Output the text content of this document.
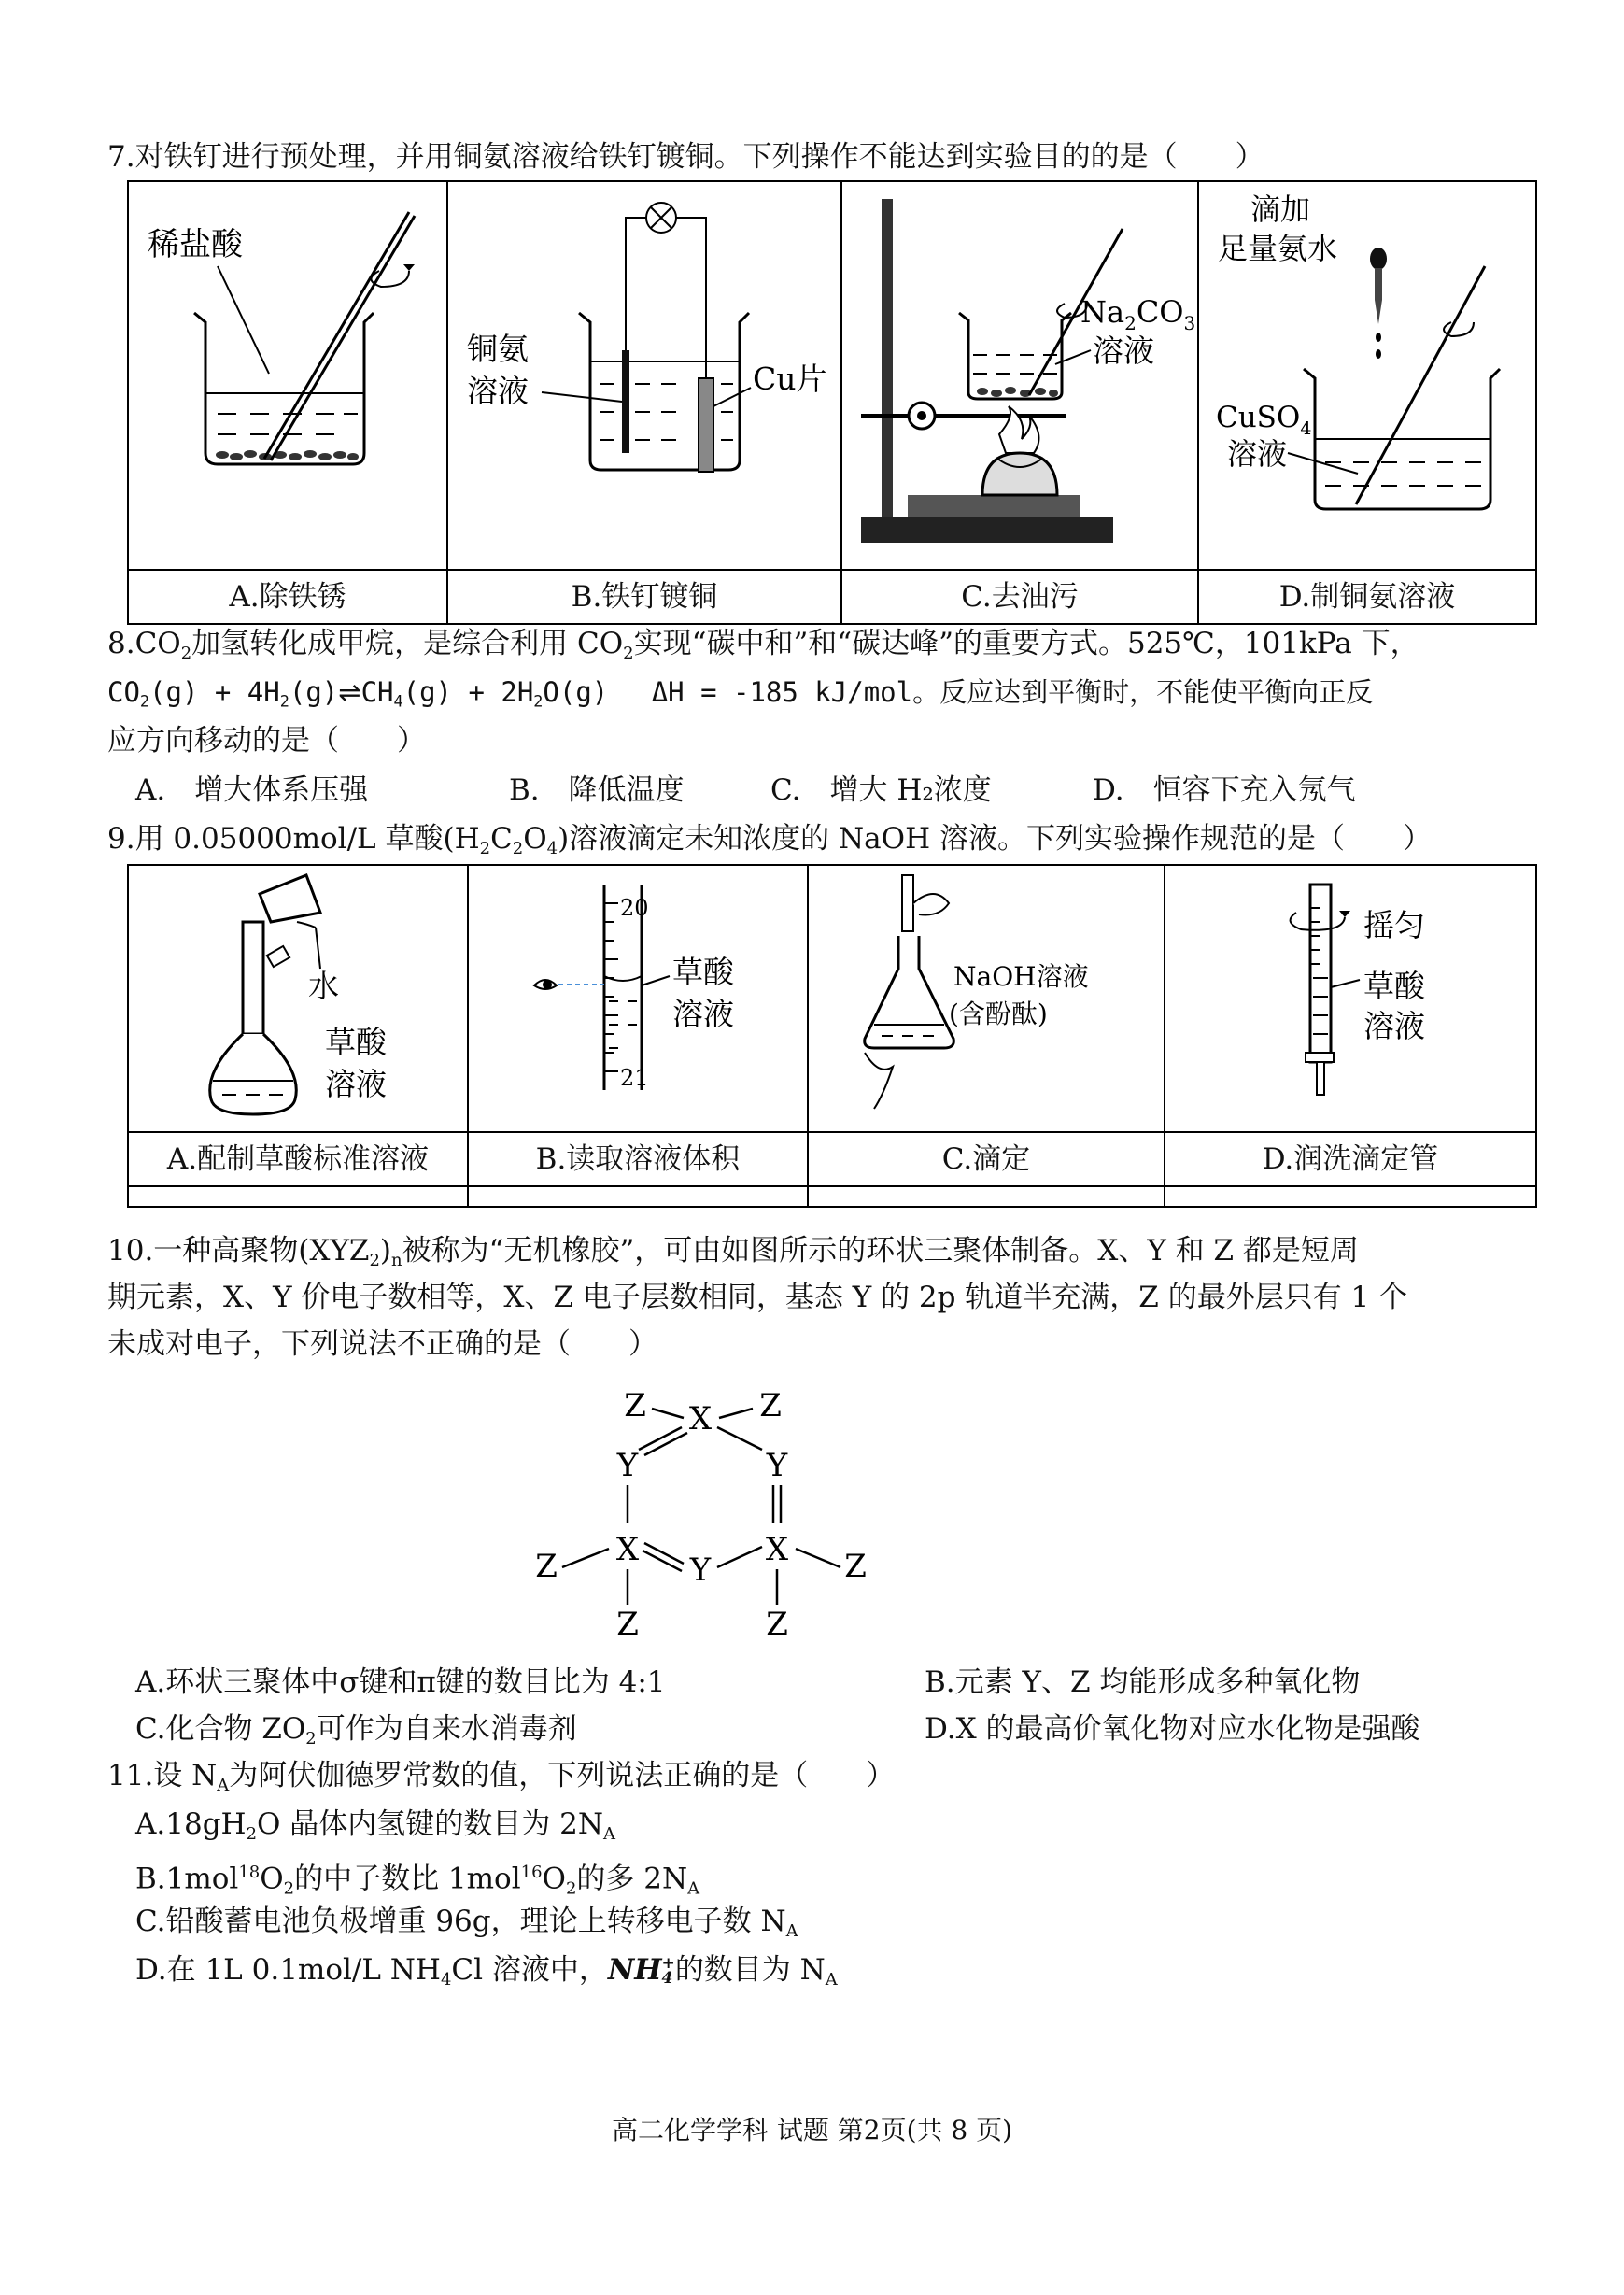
7.对铁钉进行预处理，并用铜氨溶液给铁钉镀铜。下列操作不能达到实验目的的是（　　）
稀盐酸	铜氨
溶液 Cu片	$Na_2CO_3$
溶液	滴加
足量氨水
CuSO$_4$
溶液

A.除铁锈	B.铁钉镀铜	C.去油污	D.制铜氨溶液
$8.CO_2$加氢转化成甲烷，是综合利用 $CO_2$实现“碳中和”和“碳达峰”的重要方式。525℃，101kPa 下，
$CO_2(g)$ + $4H_2(g)\rightleftharpoons CH_4(g) + 2H_2O(g)$　 ΔH = -185 kJ/mol。反应达到平衡时，不能使平衡向正反
应方向移动的是（　　）
A.　增大体系压强	B.　降低温度	C.　增大 H₂浓度	D.　恒容下充入氖气
9.用 0.05000mol/L 草酸$(H_2C_2O_4)$溶液滴定未知浓度的 NaOH 溶液。下列实验操作规范的是（　　）
水
草酸
溶液	20
21
草酸
溶液	NaOH溶液
(含酚酞)	摇匀
草酸
溶液

A.配制草酸标准溶液	B.读取溶液体积	C.滴定	D.润洗滴定管

10.一种高聚物$(XYZ_2)_n$被称为“无机橡胶”，可由如图所示的环状三聚体制备。X、Y 和 Z 都是短周
期元素，X、Y 价电子数相等，X、Z 电子层数相同，基态 Y 的 2p 轨道半充满，Z 的最外层只有 1 个
未成对电子，下列说法不正确的是（　　）
Z X Z
Y	Y
X	X
Y
Z	Z
Z	Z
A.环状三聚体中σ键和π键的数目比为 4:1	B.元素 Y、Z 均能形成多种氧化物
C.化合物 $ZO_2$可作为自来水消毒剂	D.X 的最高价氧化物对应水化物是强酸
11.设 $N_A$为阿伏伽德罗常数的值，下列说法正确的是（　　）
$A.18gH_2O$ 晶体内氢键的数目为 $2N_A$
$B.1mol^{18}O_2$的中子数比 $1mol^{16}O_2$的多 $2N_A$
C.铅酸蓄电池负极增重 96g，理论上转移电子数 $N_A$
D.在 1L 0.1mol/L $NH_4Cl$ 溶液中，NH +
4 的数目为 $N_A$
高二化学学科 试题 第2页(共 8 页)
